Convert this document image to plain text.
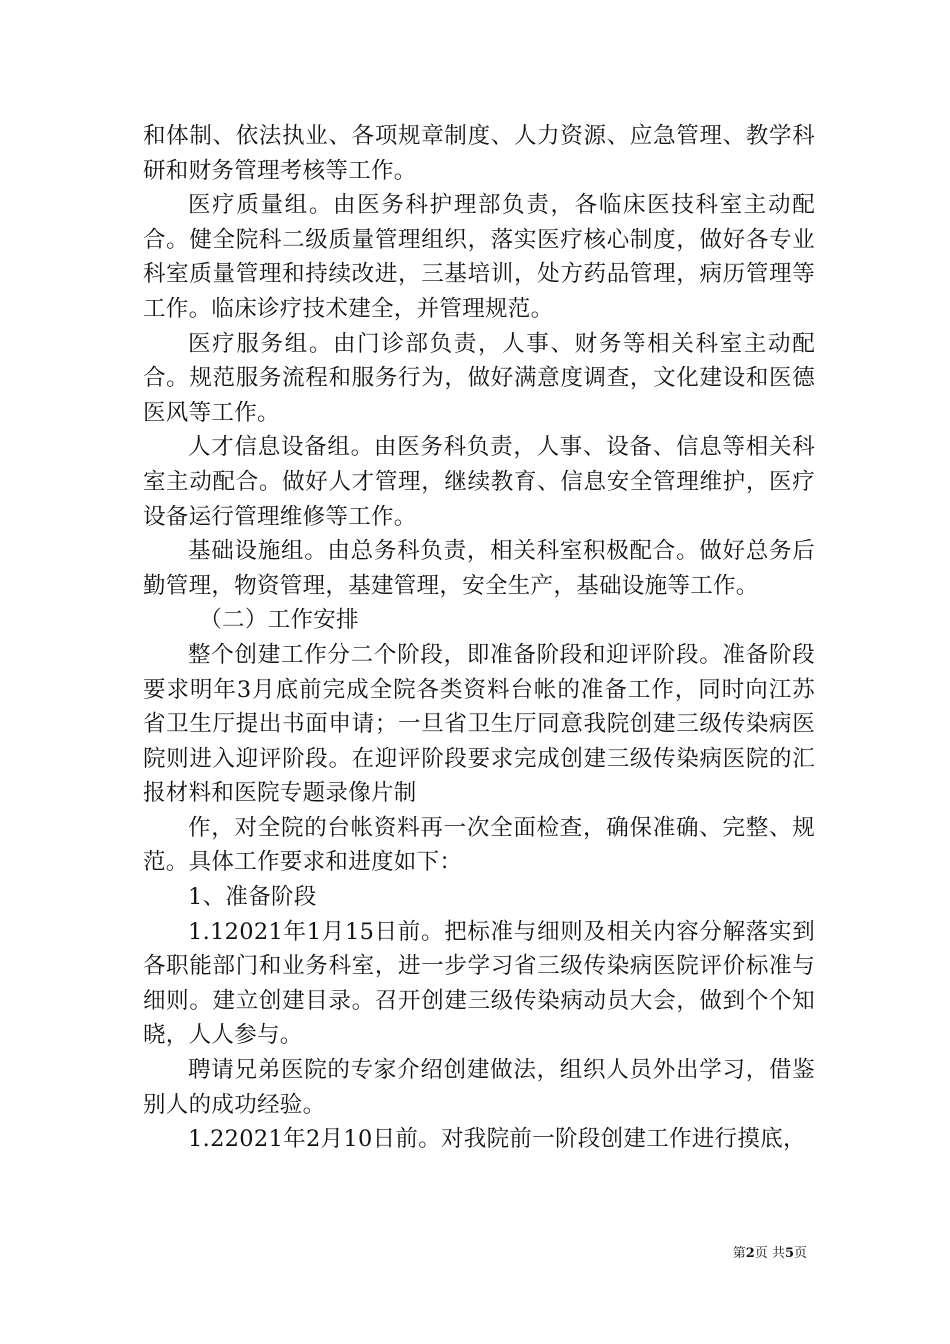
和体制、依法执业、各项规章制度、人力资源、应急管理、教学科研和财务管理考核等工作。

医疗质量组。由医务科护理部负责，各临床医技科室主动配合。健全院科二级质量管理组织，落实医疗核心制度，做好各专业科室质量管理和持续改进，三基培训，处方药品管理，病历管理等工作。临床诊疗技术建全，并管理规范。

医疗服务组。由门诊部负责，人事、财务等相关科室主动配合。规范服务流程和服务行为，做好满意度调查，文化建设和医德医风等工作。

人才信息设备组。由医务科负责，人事、设备、信息等相关科室主动配合。做好人才管理，继续教育、信息安全管理维护，医疗设备运行管理维修等工作。

基础设施组。由总务科负责，相关科室积极配合。做好总务后勤管理，物资管理，基建管理，安全生产，基础设施等工作。

（二）工作安排

整个创建工作分二个阶段，即准备阶段和迎评阶段。准备阶段要求明年3月底前完成全院各类资料台帐的准备工作，同时向江苏省卫生厅提出书面申请；一旦省卫生厅同意我院创建三级传染病医院则进入迎评阶段。在迎评阶段要求完成创建三级传染病医院的汇报材料和医院专题录像片制

作，对全院的台帐资料再一次全面检查，确保准确、完整、规范。具体工作要求和进度如下：

1、准备阶段

1.12021年1月15日前。把标准与细则及相关内容分解落实到各职能部门和业务科室，进一步学习省三级传染病医院评价标准与细则。建立创建目录。召开创建三级传染病动员大会，做到个个知晓，人人参与。

聘请兄弟医院的专家介绍创建做法，组织人员外出学习，借鉴别人的成功经验。

1.22021年2月10日前。对我院前一阶段创建工作进行摸底，

第2页 共5页
